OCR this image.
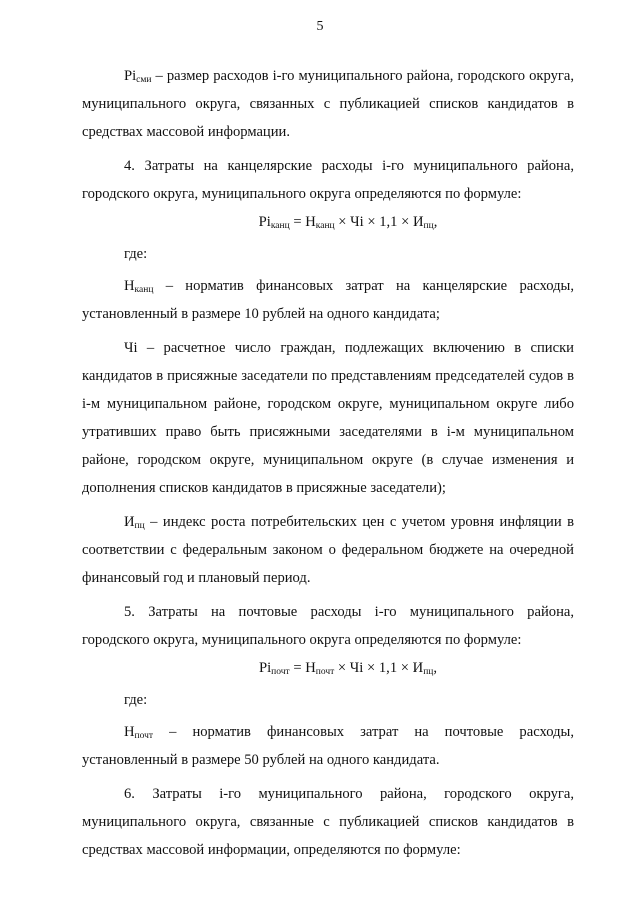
5

$Pi_{сми}$ – размер расходов i-го муниципального района, городского округа, муниципального округа, связанных с публикацией списков кандидатов в средствах массовой информации.

4. Затраты на канцелярские расходы i-го муниципального района, городского округа, муниципального округа определяются по формуле:

$Pi_{канц} = Н_{канц}$ × Чi × $1,1 \times И_{пц}$,

где:

$Н_{канц}$ – норматив финансовых затрат на канцелярские расходы, установленный в размере 10 рублей на одного кандидата;

Чi – расчетное число граждан, подлежащих включению в списки кандидатов в присяжные заседатели по представлениям председателей судов в i-м муниципальном районе, городском округе, муниципальном округе либо утративших право быть присяжными заседателями в i-м муниципальном районе, городском округе, муниципальном округе (в случае изменения и дополнения списков кандидатов в присяжные заседатели);

$И_{пц}$ – индекс роста потребительских цен с учетом уровня инфляции в соответствии с федеральным законом о федеральном бюджете на очередной финансовый год и плановый период.

5. Затраты на почтовые расходы i-го муниципального района, городского округа, муниципального округа определяются по формуле:

$Pi_{почт} = Н_{почт}$ × Чi × $1,1 \times И_{пц}$,

где:

$Н_{почт}$ – норматив финансовых затрат на почтовые расходы, установленный в размере 50 рублей на одного кандидата.

6. Затраты i-го муниципального района, городского округа, муниципального округа, связанные с публикацией списков кандидатов в средствах массовой информации, определяются по формуле:
